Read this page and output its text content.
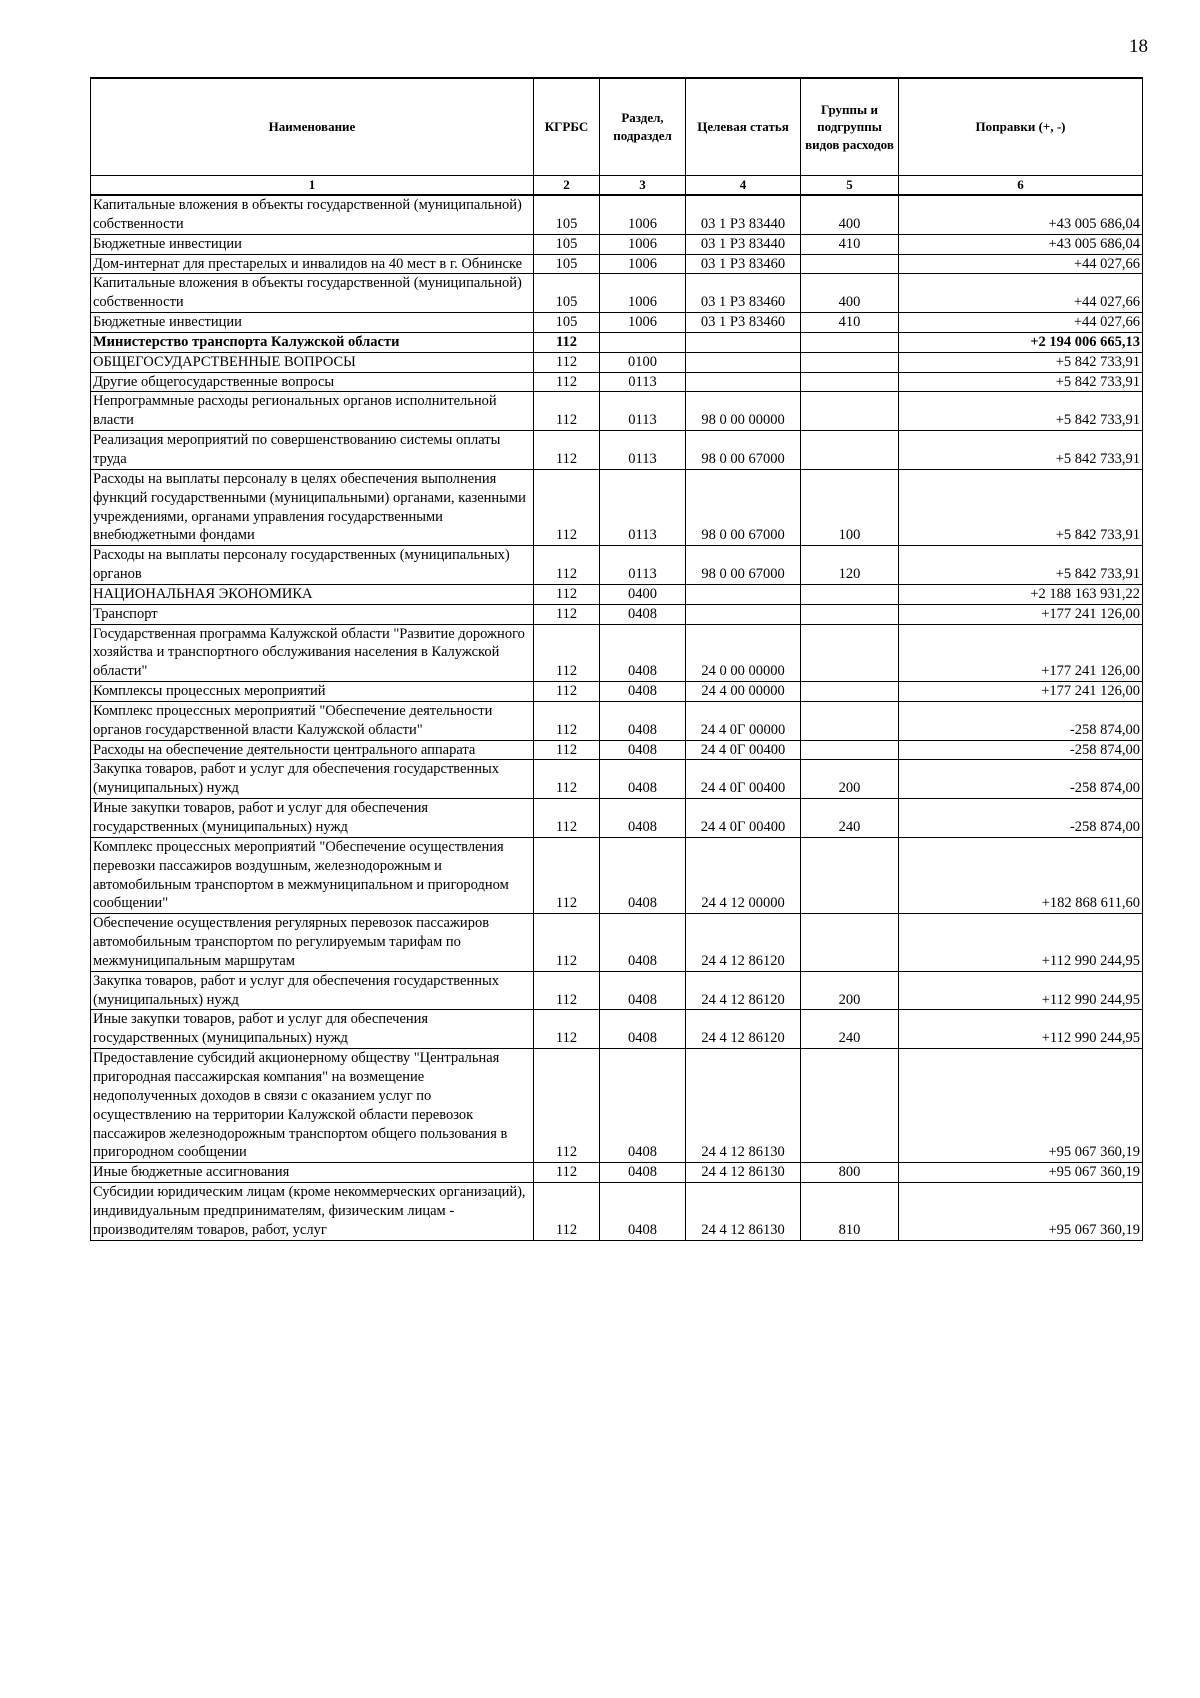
18
Наименование	КГРБС	Раздел, подраздел	Целевая статья	Группы и подгруппы видов расходов	Поправки (+, -)
1	2	3	4	5	6
Капитальные вложения в объекты государственной (муниципальной) собственности	105	1006	03 1 Р3 83440	400	+43 005 686,04
Бюджетные инвестиции	105	1006	03 1 Р3 83440	410	+43 005 686,04
Дом-интернат для престарелых и инвалидов на 40 мест в г. Обнинске	105	1006	03 1 Р3 83460		+44 027,66
Капитальные вложения в объекты государственной (муниципальной) собственности	105	1006	03 1 Р3 83460	400	+44 027,66
Бюджетные инвестиции	105	1006	03 1 Р3 83460	410	+44 027,66
Министерство транспорта Калужской области	112				+2 194 006 665,13
ОБЩЕГОСУДАРСТВЕННЫЕ ВОПРОСЫ	112	0100			+5 842 733,91
Другие общегосударственные вопросы	112	0113			+5 842 733,91
Непрограммные расходы региональных органов исполнительной власти	112	0113	98 0 00 00000		+5 842 733,91
Реализация мероприятий по совершенствованию системы оплаты труда	112	0113	98 0 00 67000		+5 842 733,91
Расходы на выплаты персоналу в целях обеспечения выполнения функций государственными (муниципальными) органами, казенными учреждениями, органами управления государственными внебюджетными фондами	112	0113	98 0 00 67000	100	+5 842 733,91
Расходы на выплаты персоналу государственных (муниципальных) органов	112	0113	98 0 00 67000	120	+5 842 733,91
НАЦИОНАЛЬНАЯ ЭКОНОМИКА	112	0400			+2 188 163 931,22
Транспорт	112	0408			+177 241 126,00
Государственная программа Калужской области "Развитие дорожного хозяйства и транспортного обслуживания населения в Калужской области"	112	0408	24 0 00 00000		+177 241 126,00
Комплексы процессных мероприятий	112	0408	24 4 00 00000		+177 241 126,00
Комплекс процессных мероприятий "Обеспечение деятельности органов государственной власти Калужской области"	112	0408	24 4 0Г 00000		-258 874,00
Расходы на обеспечение деятельности центрального аппарата	112	0408	24 4 0Г 00400		-258 874,00
Закупка товаров, работ и услуг для обеспечения государственных (муниципальных) нужд	112	0408	24 4 0Г 00400	200	-258 874,00
Иные закупки товаров, работ и услуг для обеспечения государственных (муниципальных) нужд	112	0408	24 4 0Г 00400	240	-258 874,00
Комплекс процессных мероприятий "Обеспечение осуществления перевозки пассажиров воздушным, железнодорожным и автомобильным транспортом в межмуниципальном и пригородном сообщении"	112	0408	24 4 12 00000		+182 868 611,60
Обеспечение осуществления регулярных перевозок пассажиров автомобильным транспортом по регулируемым тарифам по межмуниципальным маршрутам	112	0408	24 4 12 86120		+112 990 244,95
Закупка товаров, работ и услуг для обеспечения государственных (муниципальных) нужд	112	0408	24 4 12 86120	200	+112 990 244,95
Иные закупки товаров, работ и услуг для обеспечения государственных (муниципальных) нужд	112	0408	24 4 12 86120	240	+112 990 244,95
Предоставление субсидий акционерному обществу "Центральная пригородная пассажирская компания" на возмещение недополученных доходов в связи с оказанием услуг по осуществлению на территории Калужской области перевозок пассажиров железнодорожным транспортом общего пользования в пригородном сообщении	112	0408	24 4 12 86130		+95 067 360,19
Иные бюджетные ассигнования	112	0408	24 4 12 86130	800	+95 067 360,19
Субсидии юридическим лицам (кроме некоммерческих организаций), индивидуальным предпринимателям, физическим лицам - производителям товаров, работ, услуг	112	0408	24 4 12 86130	810	+95 067 360,19
